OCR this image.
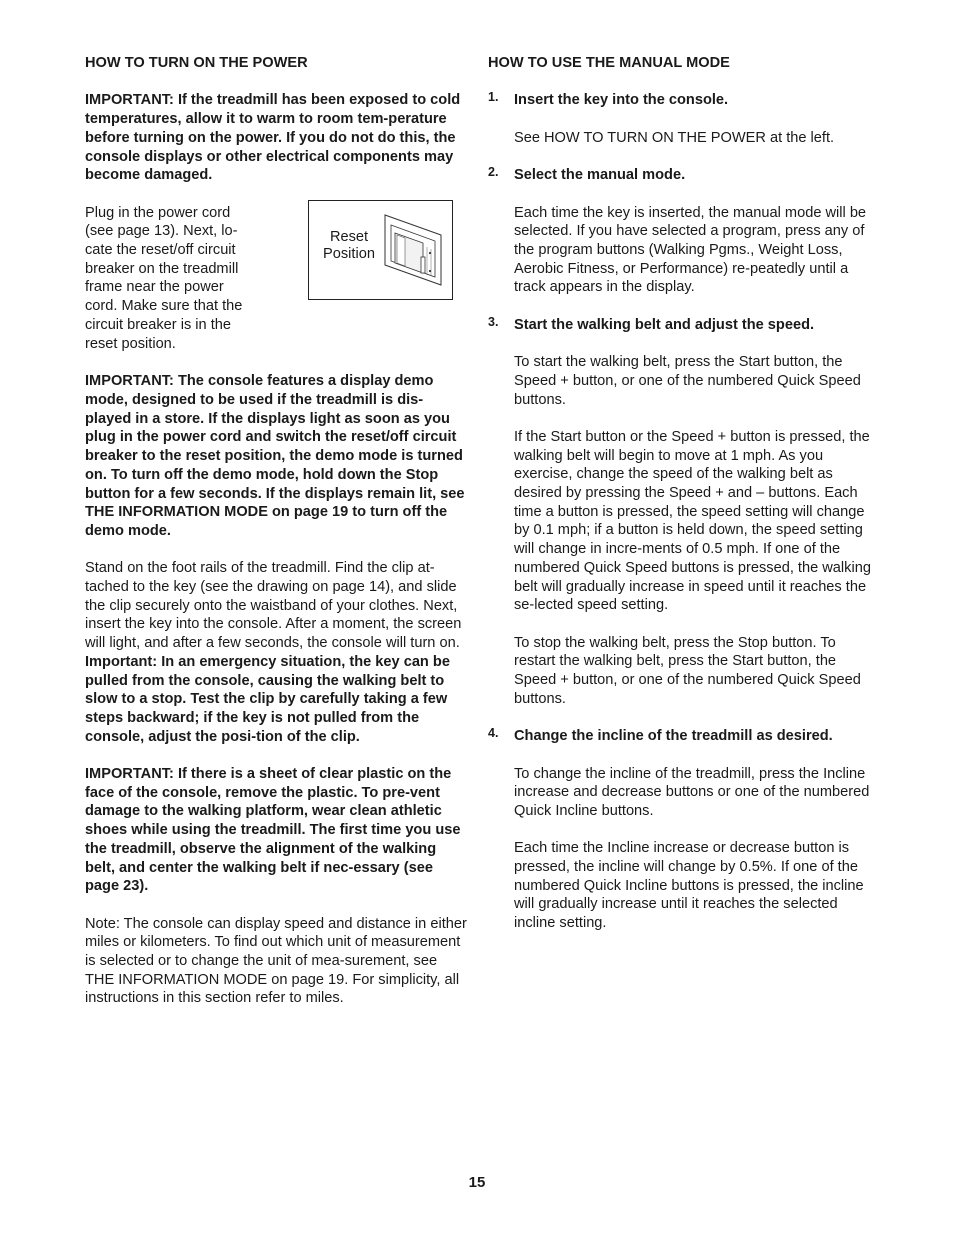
HOW TO TURN ON THE POWER

IMPORTANT: If the treadmill has been exposed to cold temperatures, allow it to warm to room tem-perature before turning on the power. If you do not do this, the console displays or other electrical components may become damaged.

Plug in the power cord (see page 13). Next, lo-cate the reset/off circuit breaker on the treadmill frame near the power cord. Make sure that the circuit breaker is in the reset position.

Reset
Position

IMPORTANT: The console features a display demo mode, designed to be used if the treadmill is dis-played in a store. If the displays light as soon as you plug in the power cord and switch the reset/off circuit breaker to the reset position, the demo mode is turned on. To turn off the demo mode, hold down the Stop button for a few seconds. If the displays remain lit, see THE INFORMATION MODE on page 19 to turn off the demo mode.

Stand on the foot rails of the treadmill. Find the clip at-tached to the key (see the drawing on page 14), and slide the clip securely onto the waistband of your clothes. Next, insert the key into the console. After a moment, the screen will light, and after a few seconds, the console will turn on. Important: In an emergency situation, the key can be pulled from the console, causing the walking belt to slow to a stop. Test the clip by carefully taking a few steps backward; if the key is not pulled from the console, adjust the posi-tion of the clip.

IMPORTANT: If there is a sheet of clear plastic on the face of the console, remove the plastic. To pre-vent damage to the walking platform, wear clean athletic shoes while using the treadmill. The first time you use the treadmill, observe the alignment of the walking belt, and center the walking belt if nec-essary (see page 23).

Note: The console can display speed and distance in either miles or kilometers. To find out which unit of measurement is selected or to change the unit of mea-surement, see THE INFORMATION MODE on page 19. For simplicity, all instructions in this section refer to miles.

HOW TO USE THE MANUAL MODE

1. Insert the key into the console.

See HOW TO TURN ON THE POWER at the left.

2. Select the manual mode.

Each time the key is inserted, the manual mode will be selected. If you have selected a program, press any of the program buttons (Walking Pgms., Weight Loss, Aerobic Fitness, or Performance) re-peatedly until a track appears in the display.

3. Start the walking belt and adjust the speed.

To start the walking belt, press the Start button, the Speed + button, or one of the numbered Quick Speed buttons.

If the Start button or the Speed + button is pressed, the walking belt will begin to move at 1 mph. As you exercise, change the speed of the walking belt as desired by pressing the Speed + and – buttons. Each time a button is pressed, the speed setting will change by 0.1 mph; if a button is held down, the speed setting will change in incre-ments of 0.5 mph. If one of the numbered Quick Speed buttons is pressed, the walking belt will gradually increase in speed until it reaches the se-lected speed setting.

To stop the walking belt, press the Stop button. To restart the walking belt, press the Start button, the Speed + button, or one of the numbered Quick Speed buttons.

4. Change the incline of the treadmill as desired.

To change the incline of the treadmill, press the Incline increase and decrease buttons or one of the numbered Quick Incline buttons.

Each time the Incline increase or decrease button is pressed, the incline will change by 0.5%. If one of the numbered Quick Incline buttons is pressed, the incline will gradually increase until it reaches the selected incline setting.

15
